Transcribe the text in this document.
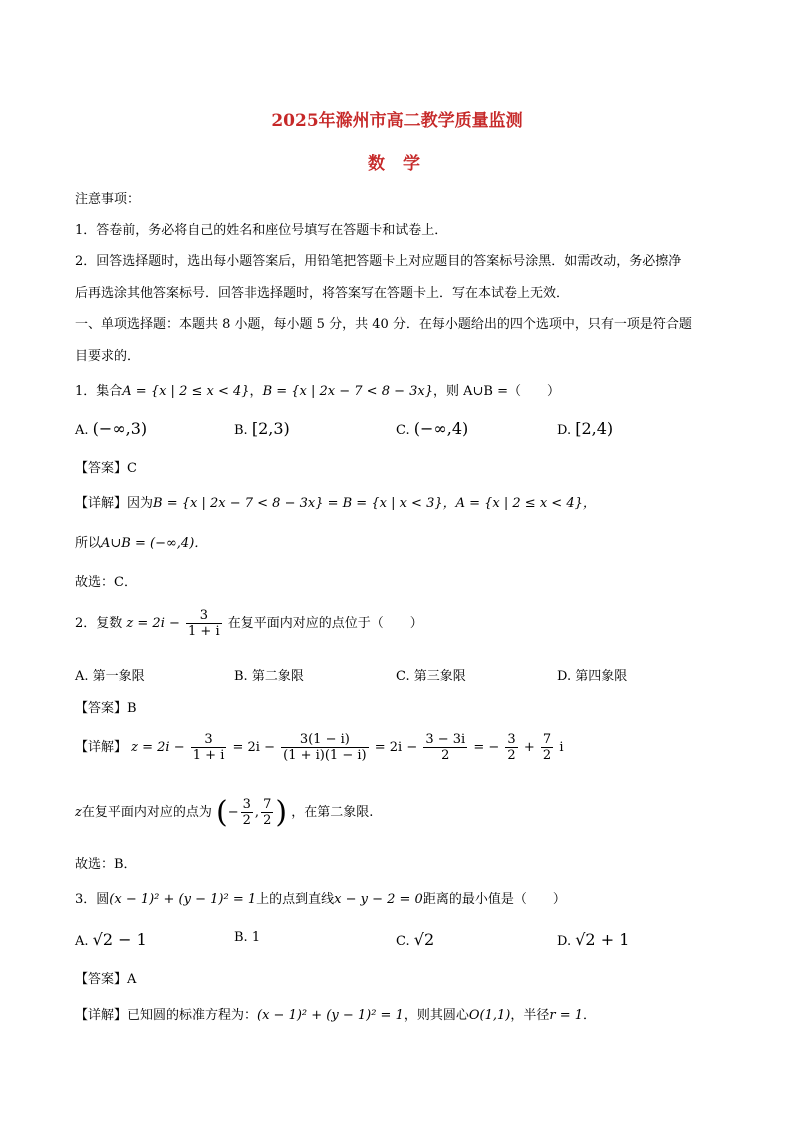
2025年滁州市高二教学质量监测
数 学
注意事项：
1．答卷前，务必将自己的姓名和座位号填写在答题卡和试卷上．
2．回答选择题时，选出每小题答案后，用铅笔把答题卡上对应题目的答案标号涂黑．如需改动，务必擦净
后再选涂其他答案标号．回答非选择题时，将答案写在答题卡上．写在本试卷上无效．
一、单项选择题：本题共 8 小题，每小题 5 分，共 40 分．在每小题给出的四个选项中，只有一项是符合题
目要求的．
1．集合A = {x | 2 ≤ x < 4}，B = {x | 2x − 7 < 8 − 3x}，则 A∪B =（　　）
A. (−∞,3)	B. [2,3)	C. (−∞,4)	D. [2,4)
【答案】C
【详解】因为B = {x | 2x − 7 < 8 − 3x} = B = {x | x < 3}，A = {x | 2 ≤ x < 4}，
所以A∪B = (−∞,4)．
故选：C．
2．复数 $z = 2i - \frac{3}{1 + i}$ 在复平面内对应的点位于（　　）
A. 第一象限	B. 第二象限	C. 第三象限	D. 第四象限
【答案】B
【详解】 $z = 2i - \frac{3}{1 + i} = 2i - \frac{3(1 - i)}{(1 + i)(1 - i)} = 2i - \frac{3 - 3i}{2}$ = − $\frac{3}{2} + \frac{7}{2}$ i
z在复平面内对应的点为 (− $\frac{3}{2}$ , $\frac{7}{2}$ ) ，在第二象限.
故选：B．
3．圆(x − 1)² + (y − 1)² = 1上的点到直线x − y − 2 = 0距离的最小值是（　　）
A. √2 − 1	B. 1	C. √2	D. √2 + 1
【答案】A
【详解】已知圆的标准方程为：(x − 1)² + (y − 1)² = 1，则其圆心O(1,1)，半径r = 1．
